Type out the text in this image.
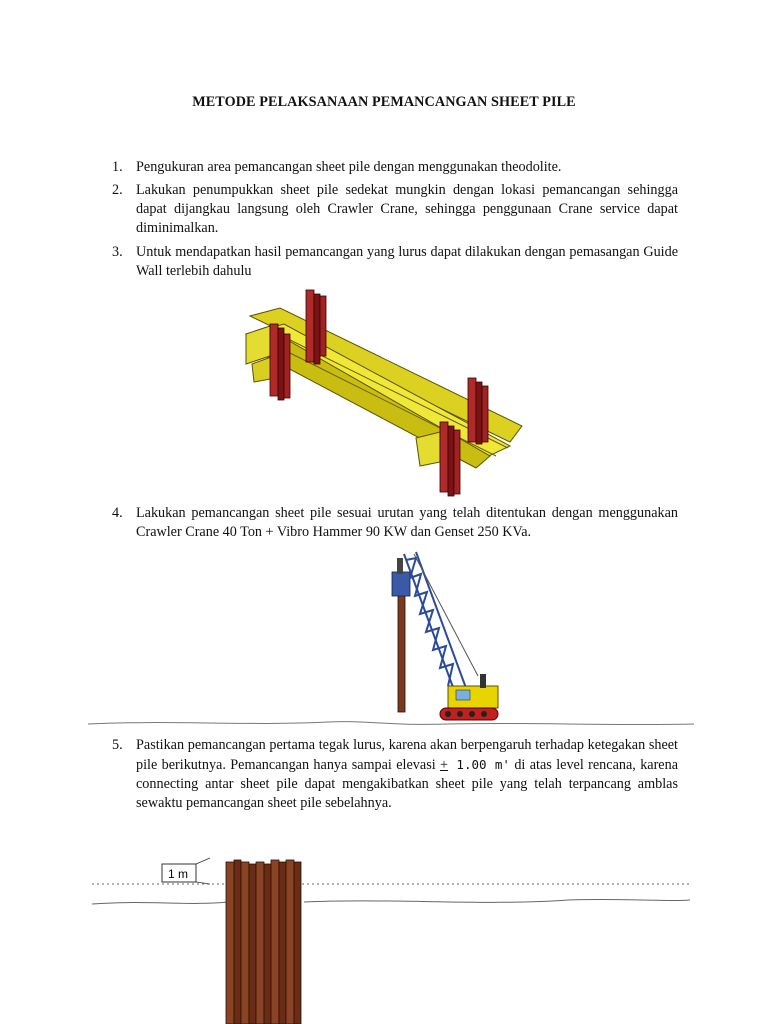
METODE PELAKSANAAN PEMANCANGAN SHEET PILE
1. Pengukuran area pemancangan sheet pile dengan menggunakan theodolite.
2. Lakukan penumpukkan sheet pile sedekat mungkin dengan lokasi pemancangan sehingga dapat dijangkau langsung oleh Crawler Crane, sehingga penggunaan Crane service dapat diminimalkan.
3. Untuk mendapatkan hasil pemancangan yang lurus dapat dilakukan dengan pemasangan Guide Wall terlebih dahulu
4. Lakukan pemancangan sheet pile sesuai urutan yang telah ditentukan dengan menggunakan Crawler Crane 40 Ton + Vibro Hammer 90 KW dan Genset 250 KVa.
5. Pastikan pemancangan pertama tegak lurus, karena akan berpengaruh terhadap ketegakan sheet pile berikutnya. Pemancangan hanya sampai elevasi + 1.00 m' di atas level rencana, karena connecting antar sheet pile dapat mengakibatkan sheet pile yang telah terpancang amblas sewaktu pemancangan sheet pile sebelahnya.
1 m
